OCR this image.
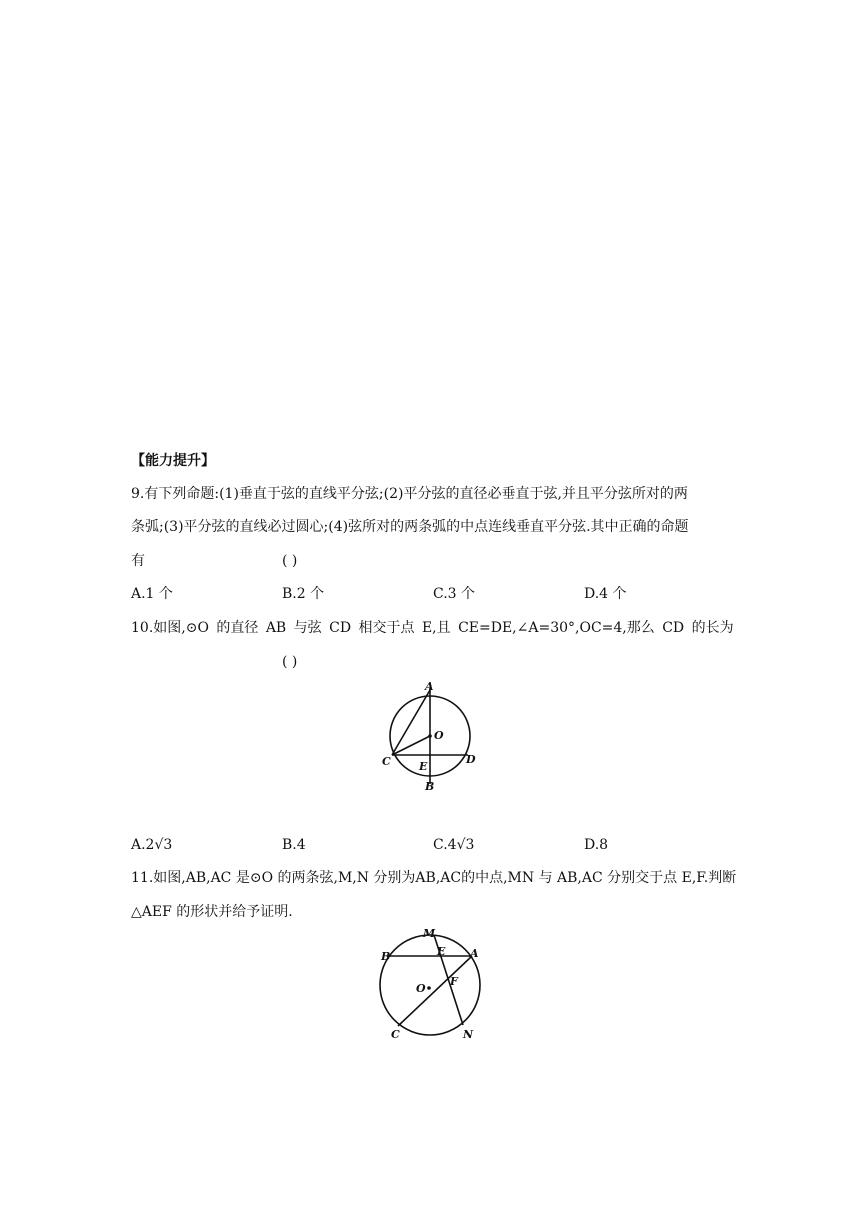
【能力提升】
9.有下列命题:(1)垂直于弦的直线平分弦;(2)平分弦的直径必垂直于弦,并且平分弦所对的两
条弧;(3)平分弦的直线必过圆心;(4)弦所对的两条弧的中点连线垂直平分弦.其中正确的命题
有	( )
A.1 个	B.2 个	C.3 个	D.4 个
10.如图,⊙O 的直径 AB 与弦 CD 相交于点 E,且 CE=DE,∠A=30°,OC=4,那么 CD 的长为
( )
A
O
C	E
D
B
A.2√3	B.4	C.4√3	D.8
11.如图,AB,AC 是⊙O 的两条弦,M,N 分别为AB,AC的中点,MN 与 AB,AC 分别交于点 E,F.判断
△AEF 的形状并给予证明.
M
E A
B
F
O
C	N
